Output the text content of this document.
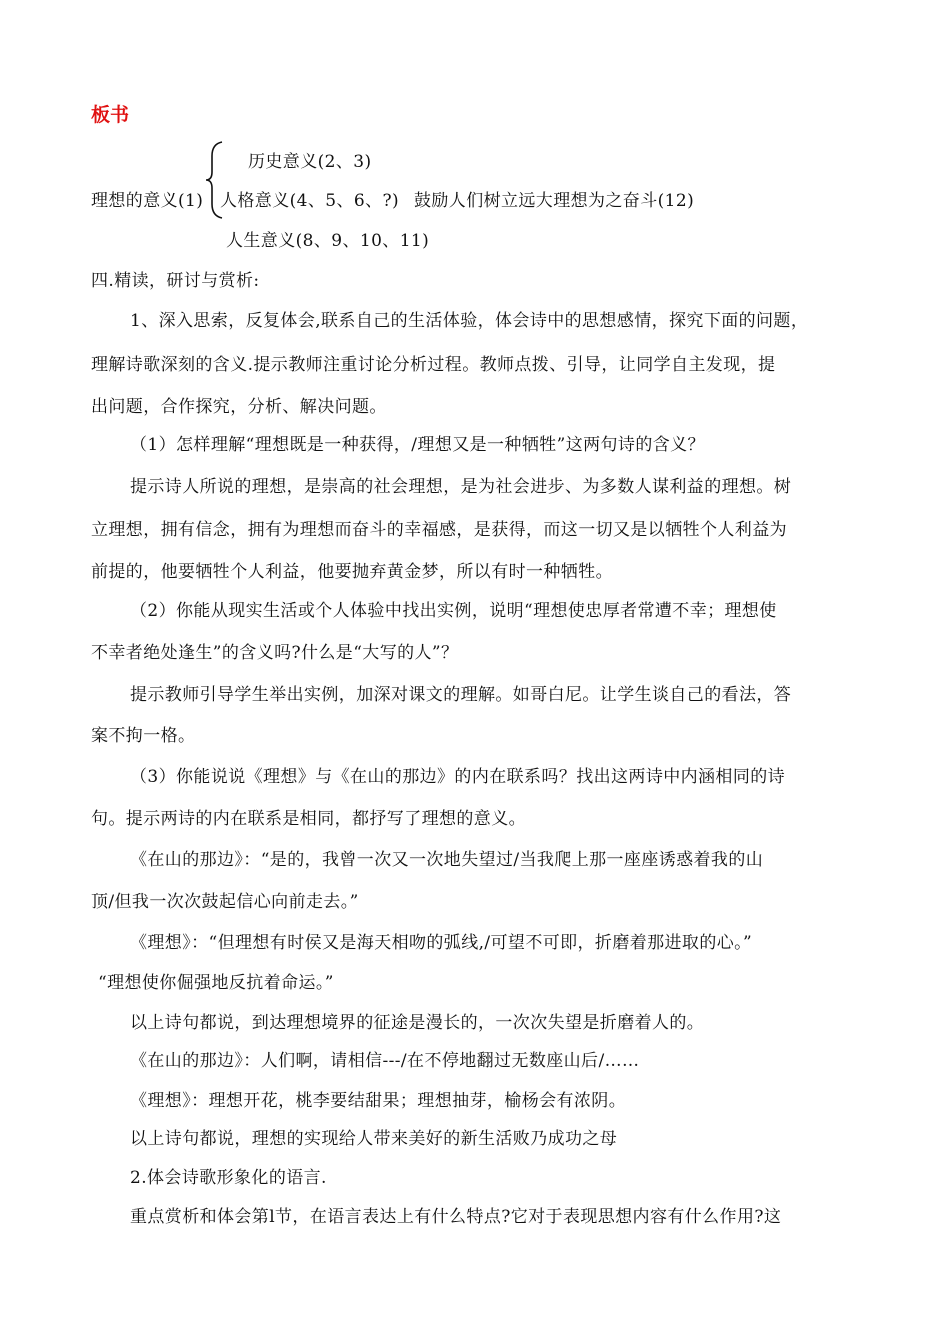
板书
历史意义(2、3)
理想的意义(1) 人格意义(4、5、6、?) 鼓励人们树立远大理想为之奋斗(12)
人生意义(8、9、10、11)
四.精读，研讨与赏析:
1、深入思索，反复体会,联系自己的生活体验，体会诗中的思想感情，探究下面的问题，
理解诗歌深刻的含义.提示教师注重讨论分析过程。教师点拨、引导，让同学自主发现，提
出问题，合作探究，分析、解决问题。
（1）怎样理解“理想既是一种获得，/理想又是一种牺牲”这两句诗的含义？
提示诗人所说的理想，是崇高的社会理想，是为社会进步、为多数人谋利益的理想。树
立理想，拥有信念，拥有为理想而奋斗的幸福感，是获得，而这一切又是以牺牲个人利益为
前提的，他要牺牲个人利益，他要抛弃黄金梦，所以有时一种牺牲。
（2）你能从现实生活或个人体验中找出实例，说明“理想使忠厚者常遭不幸；理想使
不幸者绝处逢生”的含义吗?什么是“大写的人”？
提示教师引导学生举出实例，加深对课文的理解。如哥白尼。让学生谈自己的看法，答
案不拘一格。
（3）你能说说《理想》与《在山的那边》的内在联系吗？找出这两诗中内涵相同的诗
句。提示两诗的内在联系是相同，都抒写了理想的意义。
《在山的那边》：“是的，我曾一次又一次地失望过/当我爬上那一座座诱惑着我的山
顶/但我一次次鼓起信心向前走去。”
《理想》：“但理想有时侯又是海天相吻的弧线,/可望不可即，折磨着那进取的心。”
“理想使你倔强地反抗着命运。”
以上诗句都说，到达理想境界的征途是漫长的，一次次失望是折磨着人的。
《在山的那边》：人们啊，请相信---/在不停地翻过无数座山后/……
《理想》：理想开花，桃李要结甜果；理想抽芽，榆杨会有浓阴。
以上诗句都说，理想的实现给人带来美好的新生活败乃成功之母
2.体会诗歌形象化的语言.
重点赏析和体会第l节，在语言表达上有什么特点?它对于表现思想内容有什么作用?这
